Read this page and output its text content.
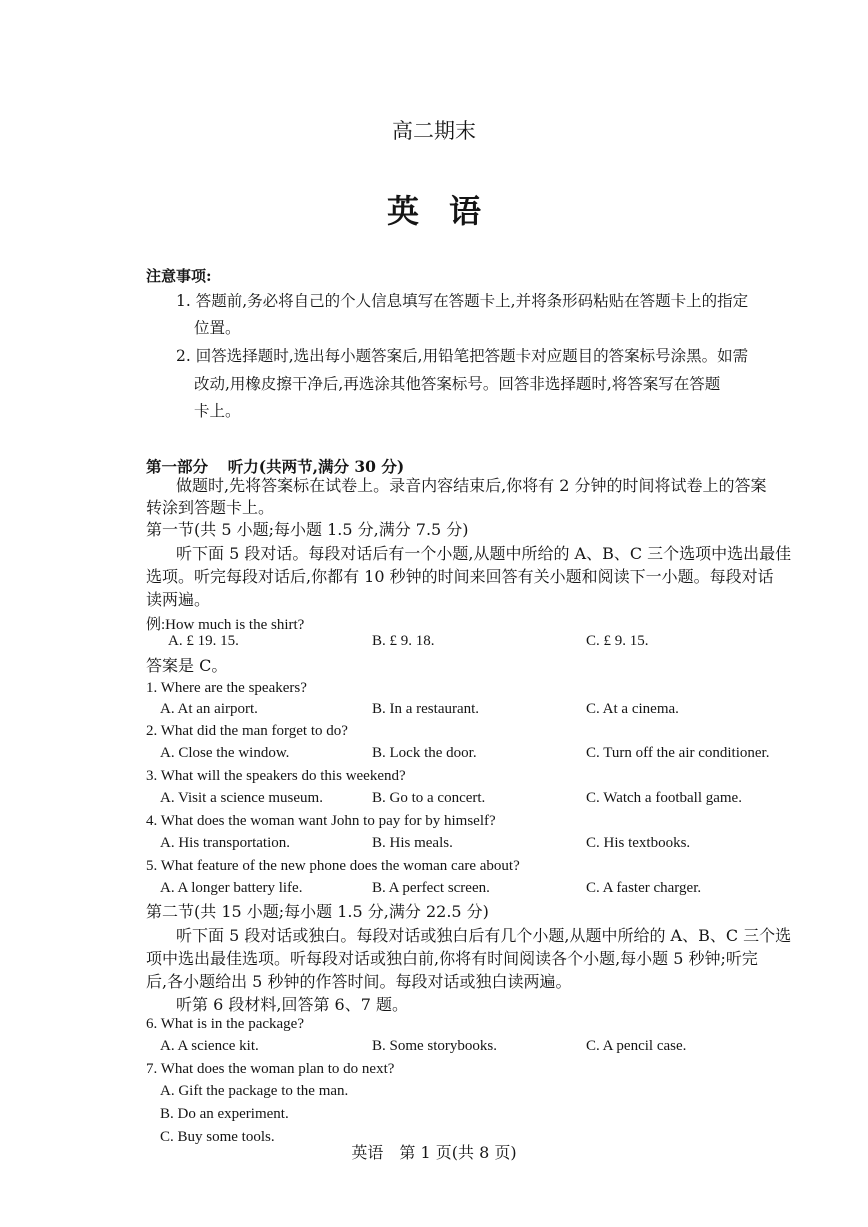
高二期末
英语
注意事项:
1. 答题前,务必将自己的个人信息填写在答题卡上,并将条形码粘贴在答题卡上的指定
位置。
2. 回答选择题时,选出每小题答案后,用铅笔把答题卡对应题目的答案标号涂黑。如需
改动,用橡皮擦干净后,再选涂其他答案标号。回答非选择题时,将答案写在答题
卡上。
第一部分 听力(共两节,满分 30 分)
做题时,先将答案标在试卷上。录音内容结束后,你将有 2 分钟的时间将试卷上的答案
转涂到答题卡上。
第一节(共 5 小题;每小题 1.5 分,满分 7.5 分)
听下面 5 段对话。每段对话后有一个小题,从题中所给的 A、B、C 三个选项中选出最佳
选项。听完每段对话后,你都有 10 秒钟的时间来回答有关小题和阅读下一小题。每段对话
读两遍。
例:How much is the shirt?
A. £ 19. 15.	B. £ 9. 18.	C. £ 9. 15.
答案是 C。
1. Where are the speakers?
A. At an airport.	B. In a restaurant.	C. At a cinema.
2. What did the man forget to do?
A. Close the window.	B. Lock the door.	C. Turn off the air conditioner.
3. What will the speakers do this weekend?
A. Visit a science museum.	B. Go to a concert.	C. Watch a football game.
4. What does the woman want John to pay for by himself?
A. His transportation.	B. His meals.	C. His textbooks.
5. What feature of the new phone does the woman care about?
A. A longer battery life.	B. A perfect screen.	C. A faster charger.
第二节(共 15 小题;每小题 1.5 分,满分 22.5 分)
听下面 5 段对话或独白。每段对话或独白后有几个小题,从题中所给的 A、B、C 三个选
项中选出最佳选项。听每段对话或独白前,你将有时间阅读各个小题,每小题 5 秒钟;听完
后,各小题给出 5 秒钟的作答时间。每段对话或独白读两遍。
听第 6 段材料,回答第 6、7 题。
6. What is in the package?
A. A science kit.	B. Some storybooks.	C. A pencil case.
7. What does the woman plan to do next?
A. Gift the package to the man.
B. Do an experiment.
C. Buy some tools.
英语　第 1 页(共 8 页)
